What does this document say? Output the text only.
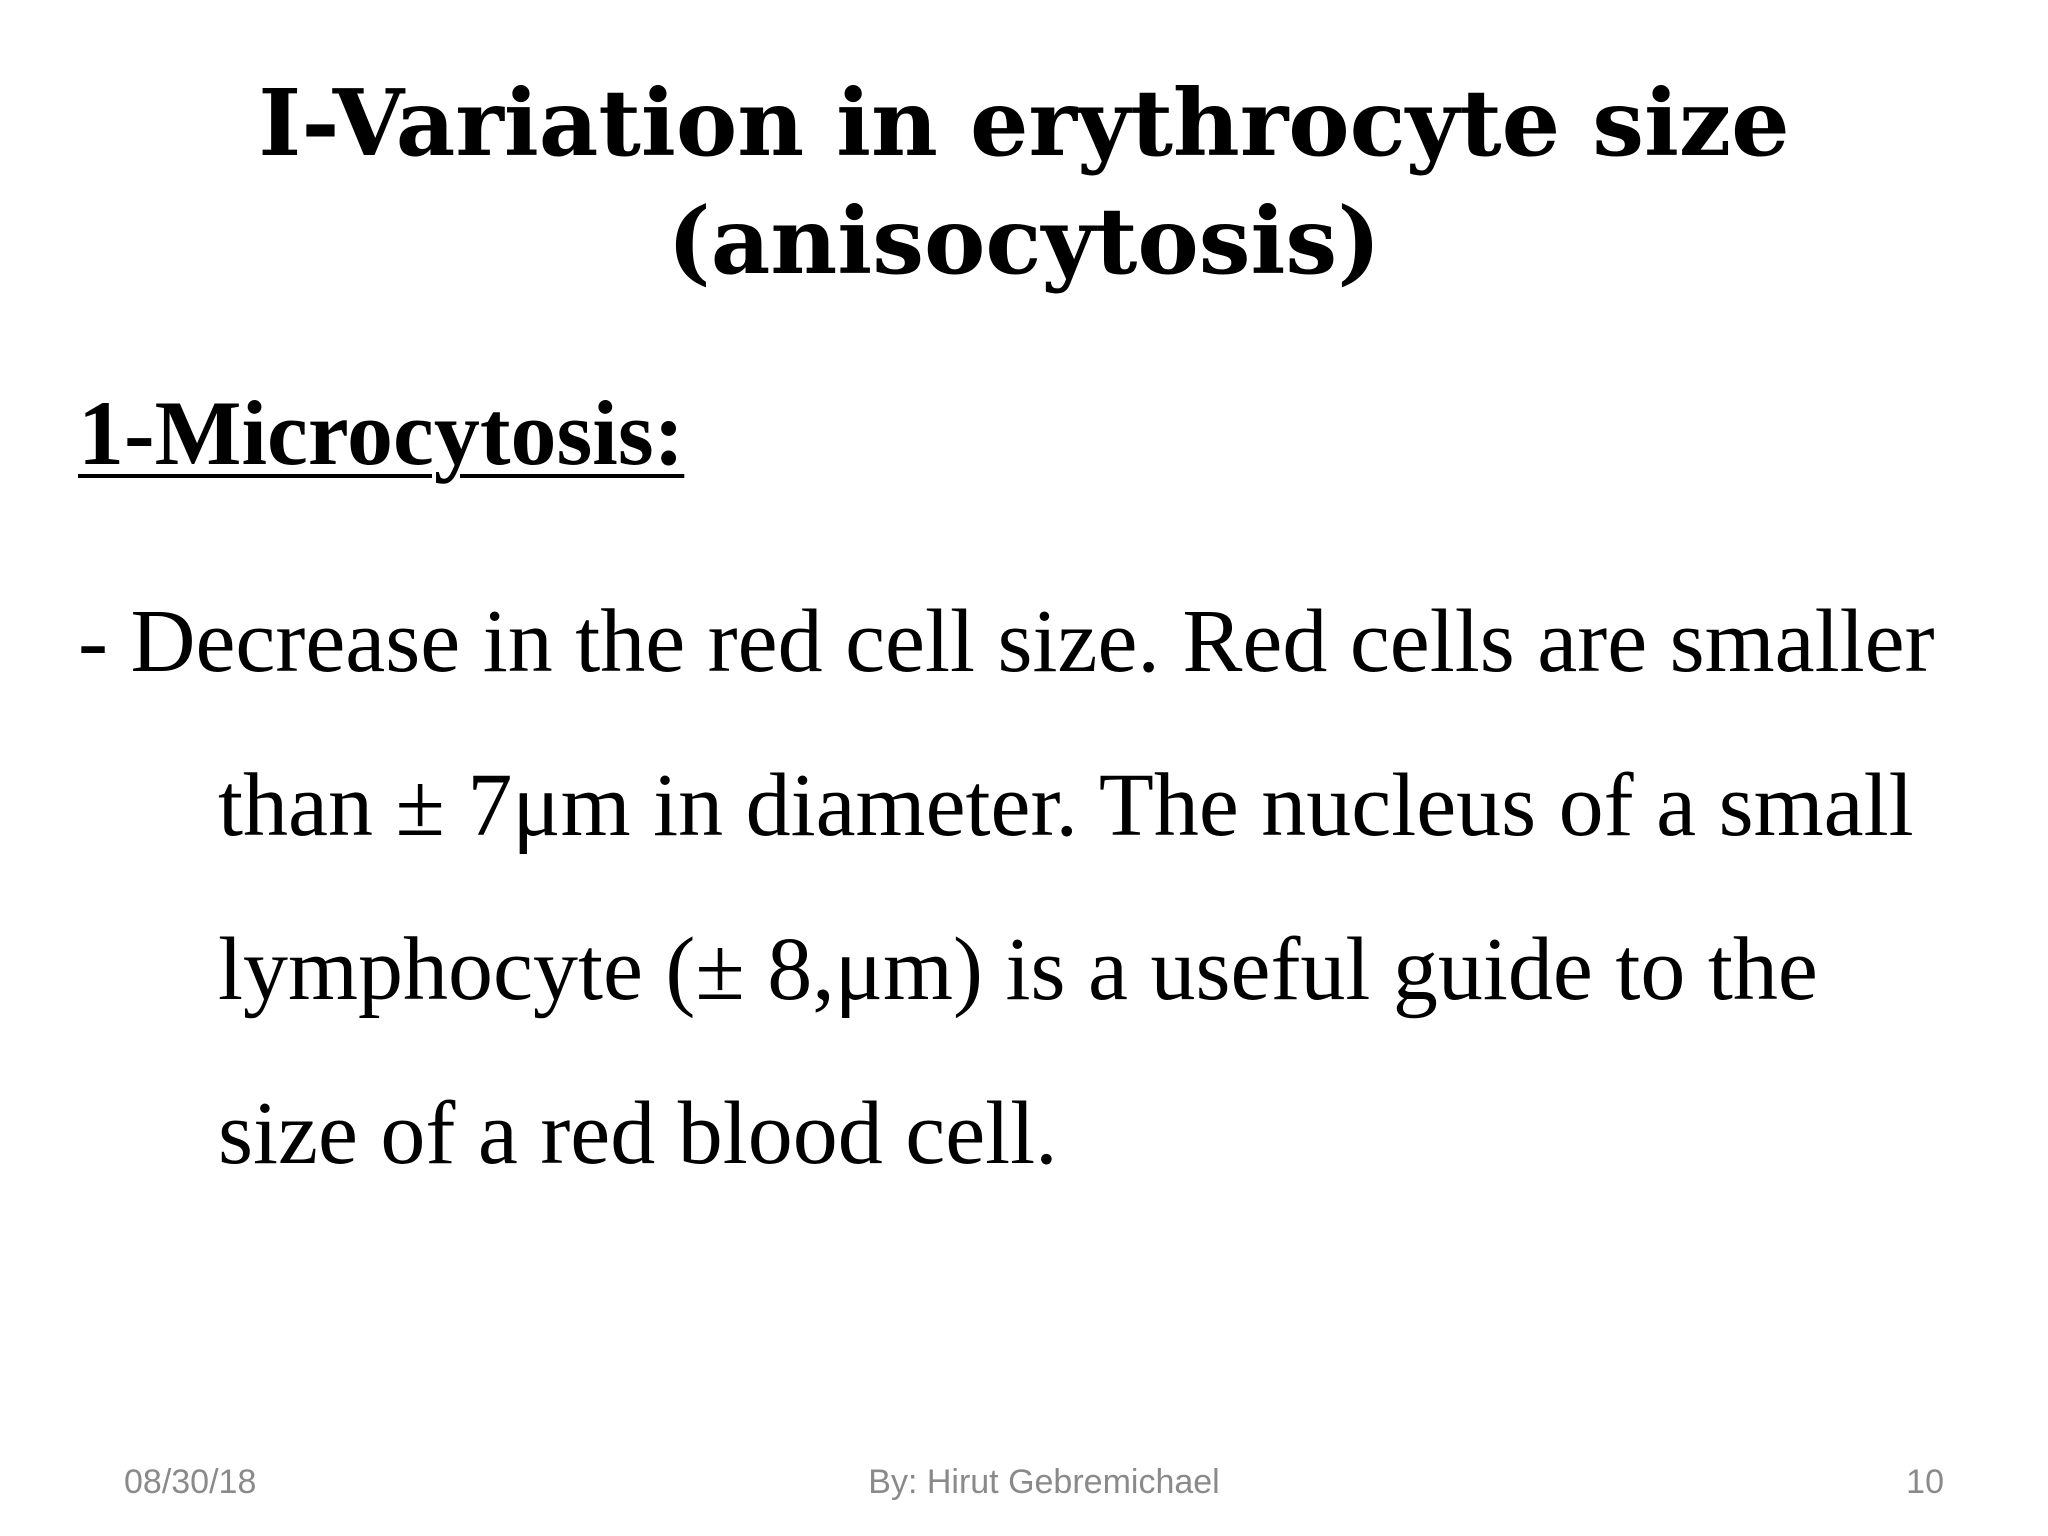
I-Variation in erythrocyte size
(anisocytosis)
1-Microcytosis:

- Decrease in the red cell size. Red cells are smaller
than ± 7μm in diameter. The nucleus of a small
lymphocyte (± 8,μm) is a useful guide to the
size of a red blood cell.

08/30/18	By: Hirut Gebremichael	10
